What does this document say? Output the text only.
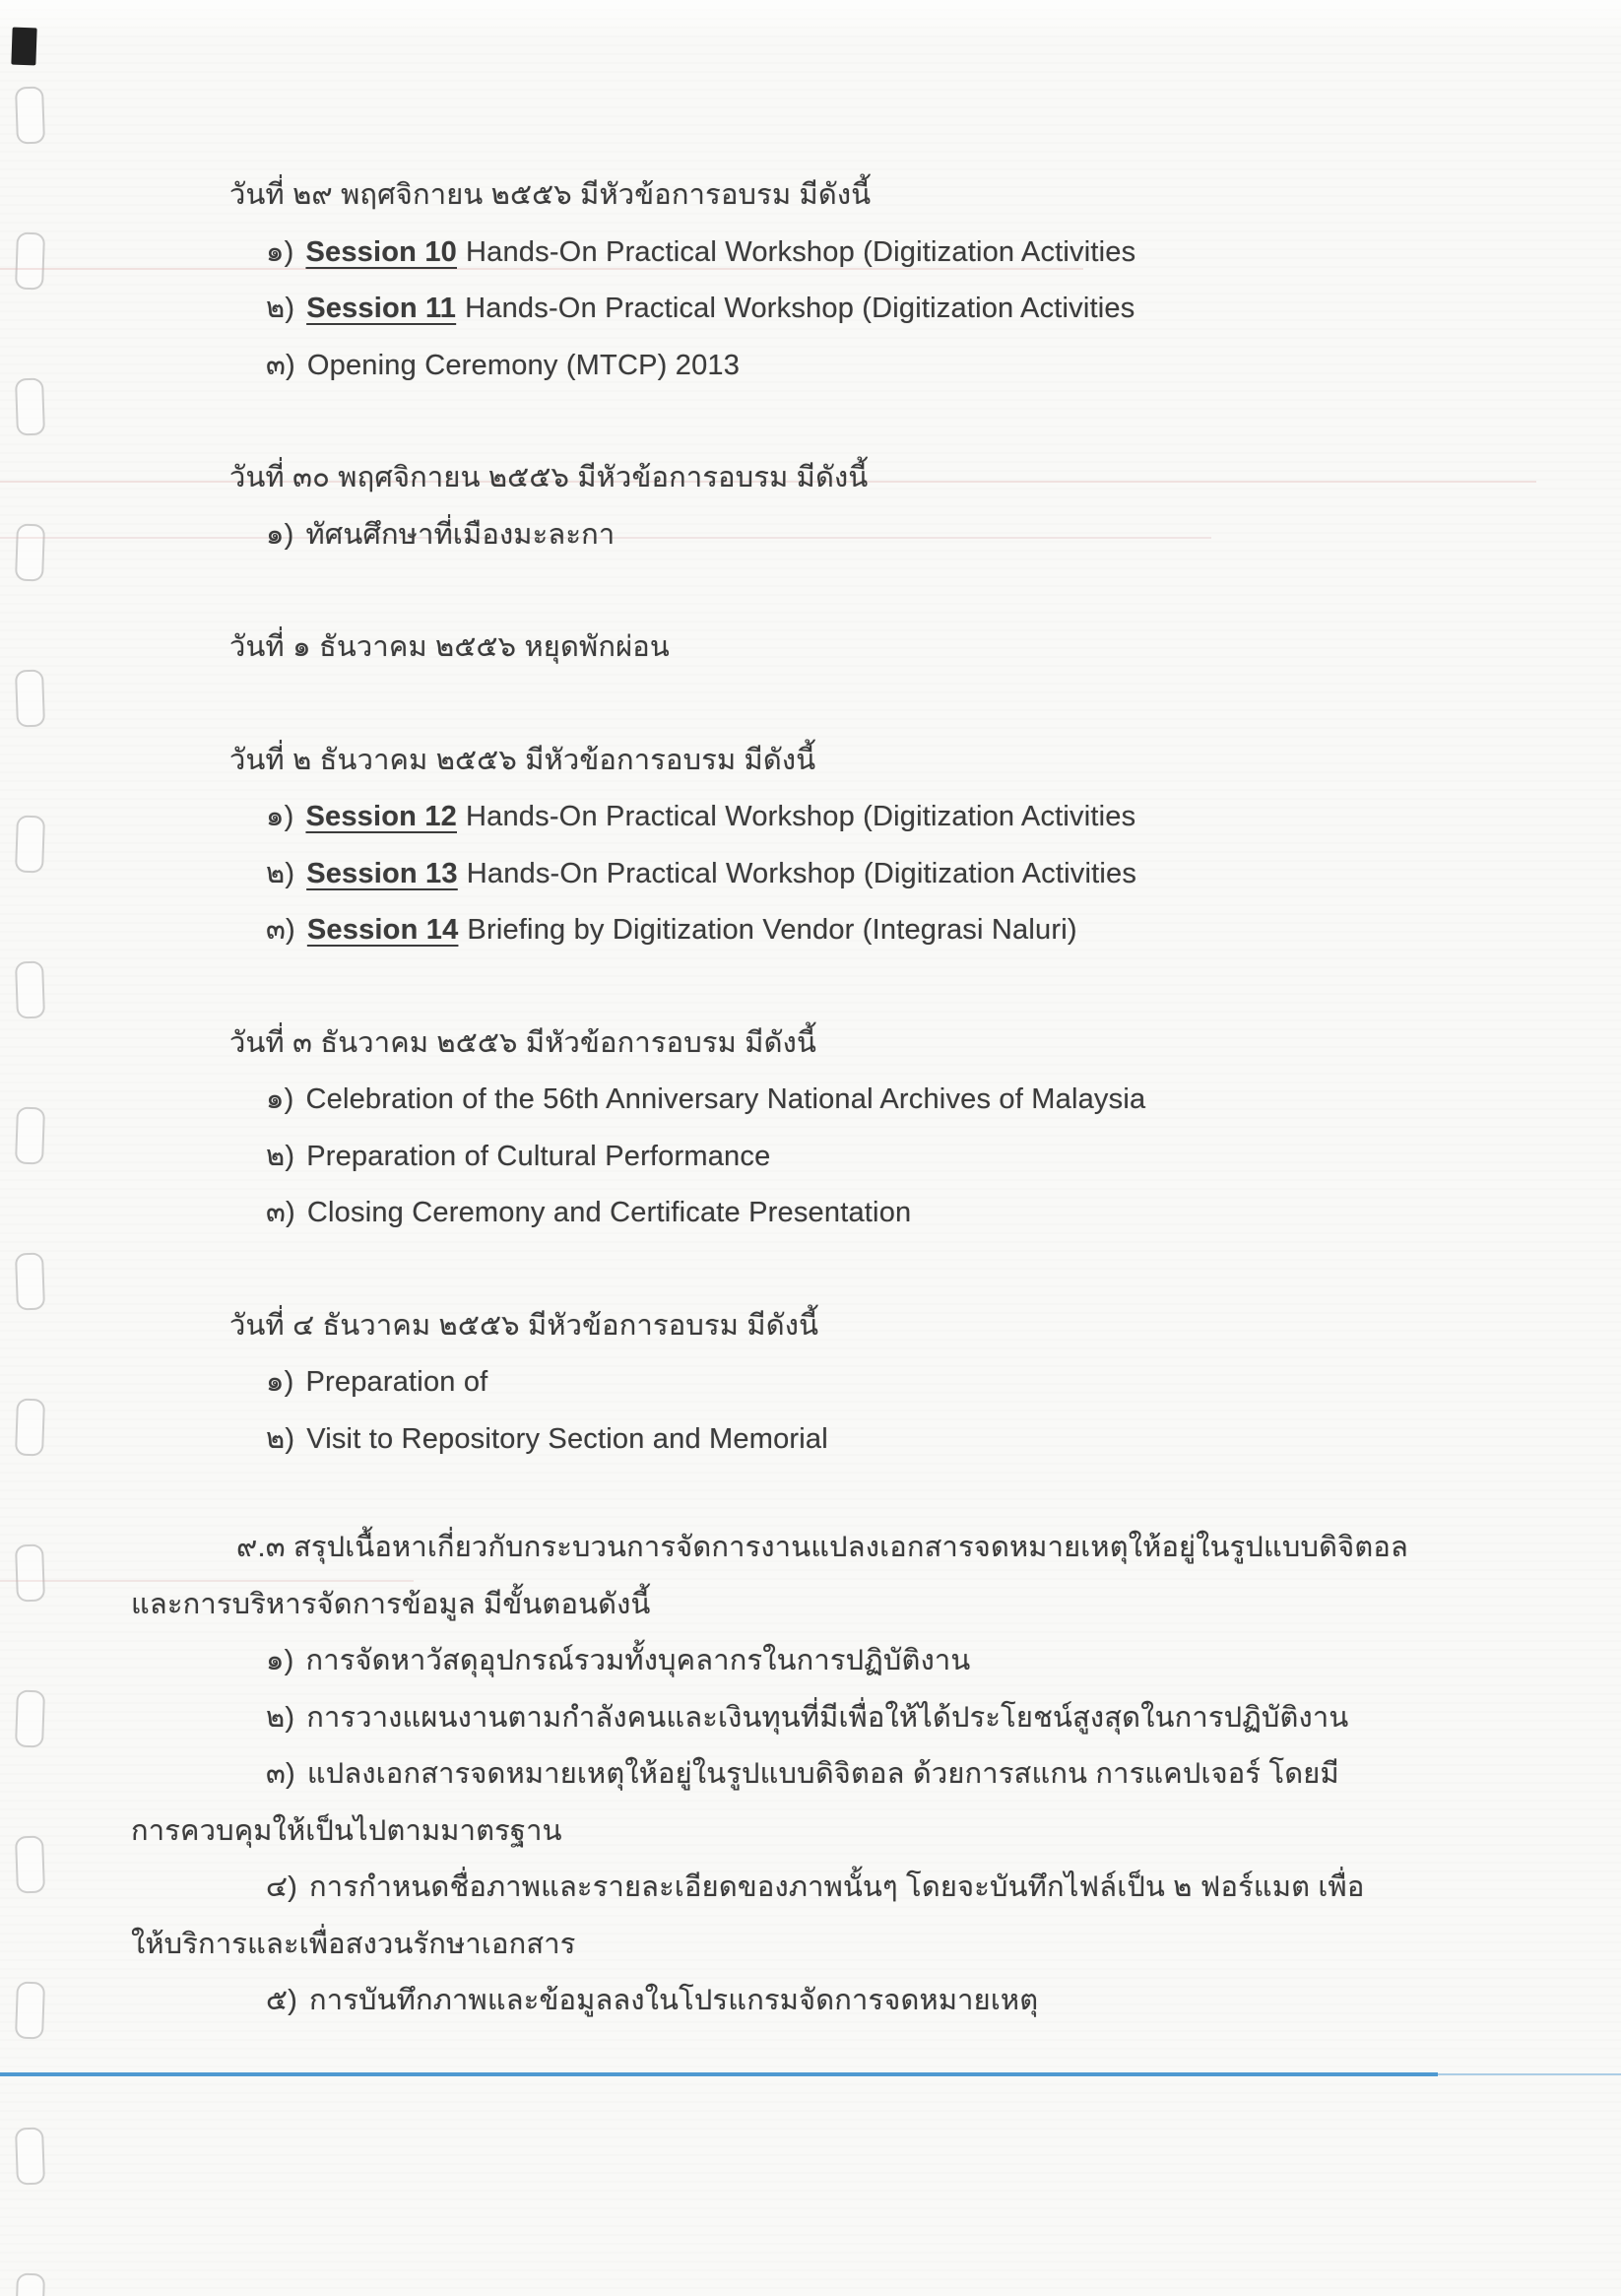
วันที่ ๒๙ พฤศจิกายน ๒๕๕๖ มีหัวข้อการอบรม มีดังนี้
๑) Session 10 Hands-On Practical Workshop (Digitization Activities
๒) Session 11 Hands-On Practical Workshop (Digitization Activities
๓) Opening Ceremony (MTCP) 2013
วันที่ ๓๐ พฤศจิกายน ๒๕๕๖ มีหัวข้อการอบรม มีดังนี้
๑) ทัศนศึกษาที่เมืองมะละกา
วันที่ ๑ ธันวาคม ๒๕๕๖ หยุดพักผ่อน
วันที่ ๒ ธันวาคม ๒๕๕๖ มีหัวข้อการอบรม มีดังนี้
๑) Session 12 Hands-On Practical Workshop (Digitization Activities
๒) Session 13 Hands-On Practical Workshop (Digitization Activities
๓) Session 14 Briefing by Digitization Vendor (Integrasi Naluri)
วันที่ ๓ ธันวาคม ๒๕๕๖ มีหัวข้อการอบรม มีดังนี้
๑) Celebration of the 56th Anniversary National Archives of Malaysia
๒) Preparation of Cultural Performance
๓) Closing Ceremony and Certificate Presentation
วันที่ ๔ ธันวาคม ๒๕๕๖ มีหัวข้อการอบรม มีดังนี้
๑) Preparation of
๒) Visit to Repository Section and Memorial
๙.๓ สรุปเนื้อหาเกี่ยวกับกระบวนการจัดการงานแปลงเอกสารจดหมายเหตุให้อยู่ในรูปแบบดิจิตอล
และการบริหารจัดการข้อมูล มีขั้นตอนดังนี้
๑) การจัดหาวัสดุอุปกรณ์รวมทั้งบุคลากรในการปฏิบัติงาน
๒) การวางแผนงานตามกำลังคนและเงินทุนที่มีเพื่อให้ได้ประโยชน์สูงสุดในการปฏิบัติงาน
๓) แปลงเอกสารจดหมายเหตุให้อยู่ในรูปแบบดิจิตอล ด้วยการสแกน การแคปเจอร์ โดยมี
การควบคุมให้เป็นไปตามมาตรฐาน
๔) การกำหนดชื่อภาพและรายละเอียดของภาพนั้นๆ โดยจะบันทึกไฟล์เป็น ๒ ฟอร์แมต เพื่อ
ให้บริการและเพื่อสงวนรักษาเอกสาร
๕) การบันทึกภาพและข้อมูลลงในโปรแกรมจัดการจดหมายเหตุ
